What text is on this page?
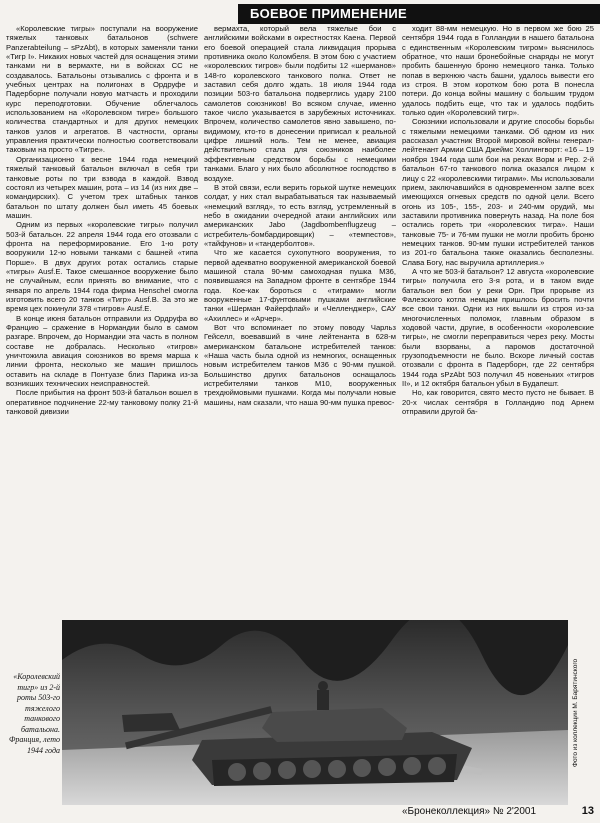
БОЕВОЕ ПРИМЕНЕНИЕ

«Королевские тигры» поступали на вооружение тяжелых танковых батальонов (schwere Panzerabteilung – sPzAbt), в которых заменяли танки «Тигр I». Никаких новых частей для оснащения этими танками ни в вермахте, ни в войсках СС не создавалось. Батальоны отзывались с фронта и в учебных центрах на полигонах в Ордруфе и Падерборне получали новую матчасть и проходили курс переподготовки. Обучение облегчалось использованием на «Королевском тигре» большого количества стандартных и для других немецких танков узлов и агрегатов. В частности, органы управления практически полностью соответствовали таковым на просто «Тигре».

Организационно к весне 1944 года немецкий тяжелый танковый батальон включал в себя три танковые роты по три взвода в каждой. Взвод состоял из четырех машин, рота – из 14 (из них две – командирских). С учетом трех штабных танков батальон по штату должен был иметь 45 боевых машин.

Одним из первых «королевские тигры» получил 503-й батальон. 22 апреля 1944 года его отозвали с фронта на переформирование. Его 1-ю роту вооружили 12-ю новыми танками с башней «типа Порше». В двух других ротах остались старые «тигры» Ausf.E. Такое смешанное вооружение было не случайным, если принять во внимание, что с января по апрель 1944 года фирма Henschel смогла изготовить всего 20 танков «Тигр» Ausf.B. За это же время цех покинули 378 «тигров» Ausf.E.

В конце июня батальон отправили из Ордруфа во Францию – сражение в Нормандии было в самом разгаре. Впрочем, до Нормандии эта часть в полном составе не добралась. Несколько «тигров» уничтожила авиация союзников во время марша к линии фронта, несколько же машин пришлось оставить на складе в Понтуазе близ Парижа из-за возникших технических неисправностей.

После прибытия на фронт 503-й батальон вошел в оперативное подчинение 22-му танковому полку 21-й танковой дивизии

вермахта, который вела тяжелые бои с английскими войсками в окрестностях Каена. Первой его боевой операцией стала ликвидация прорыва противника около Коломбеля. В этом бою с участием «королевских тигров» были подбиты 12 «шерманов» 148-го королевского танкового полка. Ответ не заставил себя долго ждать. 18 июля 1944 года позиции 503-го батальона подверглись удару 2100 самолетов союзников! Во всяком случае, именно такое число указывается в зарубежных источниках. Впрочем, количество самолетов явно завышено, по-видимому, кто-то в донесении приписал к реальной цифре лишний ноль. Тем не менее, авиация действительно стала для союзников наиболее эффективным средством борьбы с немецкими танками. Благо у них было абсолютное господство в воздухе.

В этой связи, если верить горькой шутке немецких солдат, у них стал вырабатываться так называемый «немецкий взгляд», то есть взгляд, устремленный в небо в ожидании очередной атаки английских или американских Jabo (Jagdbombenflugzeug – истребитель-бомбардировщик) – «темпестов», «тайфунов» и «тандерболтов».

Что же касается сухопутного вооружения, то первой адекватно вооруженной американской боевой машиной стала 90-мм самоходная пушка M36, появившаяся на Западном фронте в сентябре 1944 года. Кое-как бороться с «тиграми» могли вооруженные 17-фунтовыми пушками английские танки «Шерман Файерфлай» и «Челленджер», САУ «Ахиллес» и «Арчер».

Вот что вспоминает по этому поводу Чарльз Гейселл, воевавший в чине лейтенанта в 628-м американском батальоне истребителей танков: «Наша часть была одной из немногих, оснащенных новым истребителем танков M36 с 90-мм пушкой. Большинство других батальонов оснащалось истребителями танков M10, вооруженных трехдюймовыми пушками. Когда мы получали новые машины, нам сказали, что наша 90-мм пушка превос-

ходит 88-мм немецкую. Но в первом же бою 25 сентября 1944 года в Голландии в нашего батальона с единственным «Королевским тигром» выяснилось обратное, что наши бронебойные снаряды не могут пробить башенную броню немецкого танка. Только попав в верхнюю часть башни, удалось вывести его из строя. В этом коротком бою рота B понесла потери. До конца войны машину с большим трудом удалось подбить еще, что так и удалось подбить только один «Королевский тигр».

Союзники использовали и другие способы борьбы с тяжелыми немецкими танками. Об одном из них рассказал участник Второй мировой войны генерал-лейтенант Армии США Джеймс Холлингворт: «16 – 19 ноября 1944 года шли бои на реках Ворм и Рер. 2-й батальон 67-го танкового полка оказался лицом к лицу с 22 «королевскими тиграми». Мы использовали прием, заключавшийся в одновременном залпе всех имеющихся огневых средств по одной цели. Всего огонь из 105-, 155-, 203- и 240-мм орудий, мы заставили противника повернуть назад. На поле боя остались гореть три «королевских тигра». Наши танковые 75- и 76-мм пушки не могли пробить броню немецких танков. 90-мм пушки истребителей танков из 201-го батальона также оказались бесполезны. Слава Богу, нас выручила артиллерия.»

А что же 503-й батальон? 12 августа «королевские тигры» получила его 3-я рота, и в таком виде батальон вел бои у реки Орн. При прорыве из Фалезского котла немцам пришлось бросить почти все свои танки. Одни из них вышли из строя из-за многочисленных поломок, главным образом в ходовой части, другие, в особенности «королевские тигры», не смогли переправиться через реку. Мосты были взорваны, а паромов достаточной грузоподъемности не было. Вскоре личный состав отозвали с фронта в Падерборн, где 22 сентября 1944 года sPzAbt 503 получил 45 новеньких «тигров II», и 12 октября батальон убыл в Будапешт.

Но, как говорится, свято место пусто не бывает. В 20-х числах сентября в Голландию под Арнем отправили другой ба-

«Королевский тигр» из 2-й роты 503-го тяжелого танкового батальона. Франция, лето 1944 года	Фото из коллекции М. Барятинского
«Бронеколлекция» № 2'2001	13
